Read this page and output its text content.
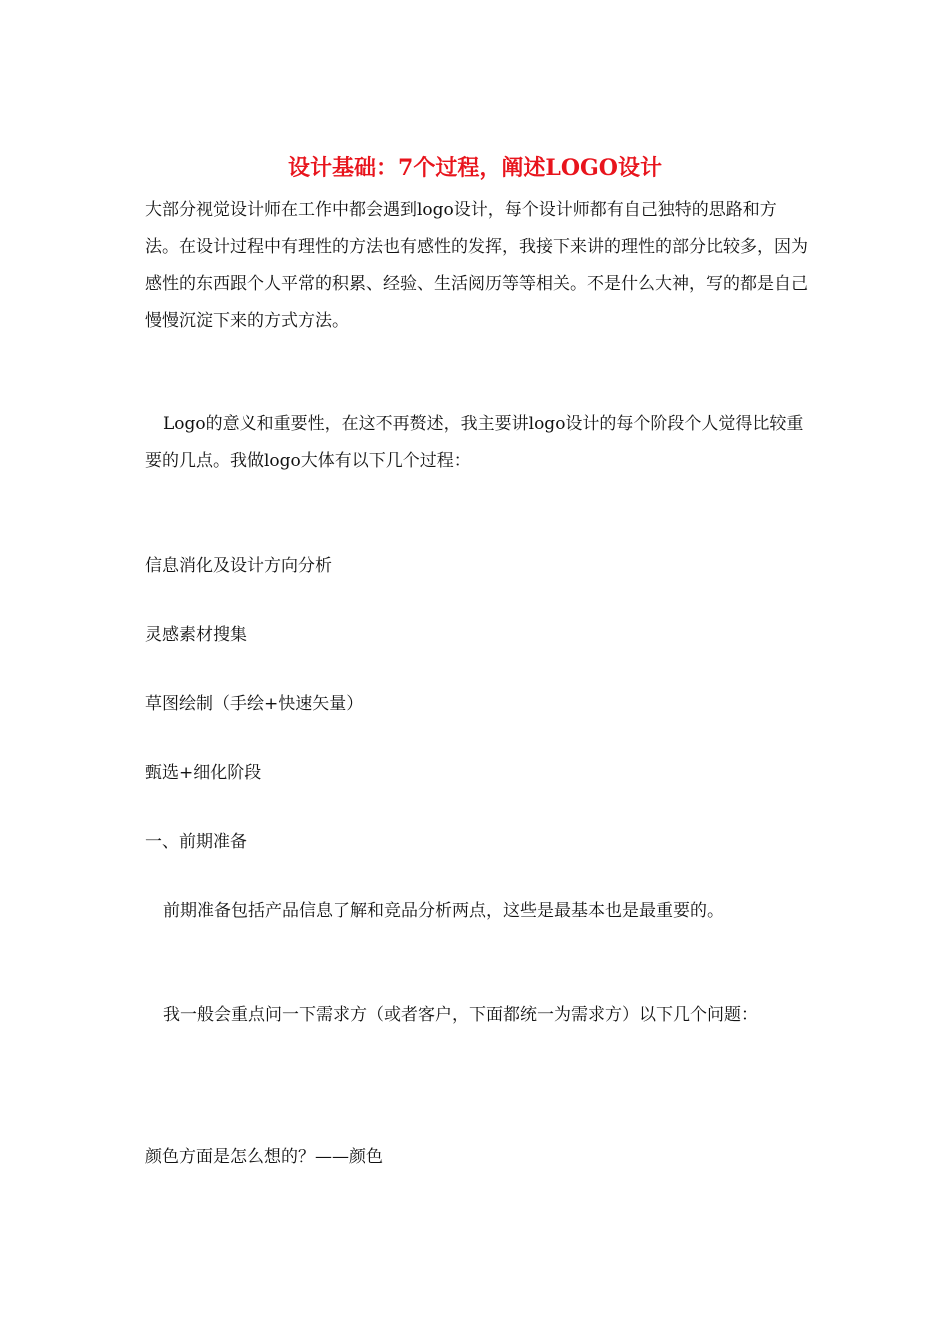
设计基础：7个过程，阐述LOGO设计

大部分视觉设计师在工作中都会遇到logo设计，每个设计师都有自己独特的思路和方法。在设计过程中有理性的方法也有感性的发挥，我接下来讲的理性的部分比较多，因为感性的东西跟个人平常的积累、经验、生活阅历等等相关。不是什么大神，写的都是自己慢慢沉淀下来的方式方法。

Logo的意义和重要性，在这不再赘述，我主要讲logo设计的每个阶段个人觉得比较重要的几点。我做logo大体有以下几个过程：

信息消化及设计方向分析
灵感素材搜集
草图绘制（手绘+快速矢量）
甄选+细化阶段
一、前期准备

前期准备包括产品信息了解和竞品分析两点，这些是最基本也是最重要的。

我一般会重点问一下需求方（或者客户，下面都统一为需求方）以下几个问题：

颜色方面是怎么想的？——颜色
